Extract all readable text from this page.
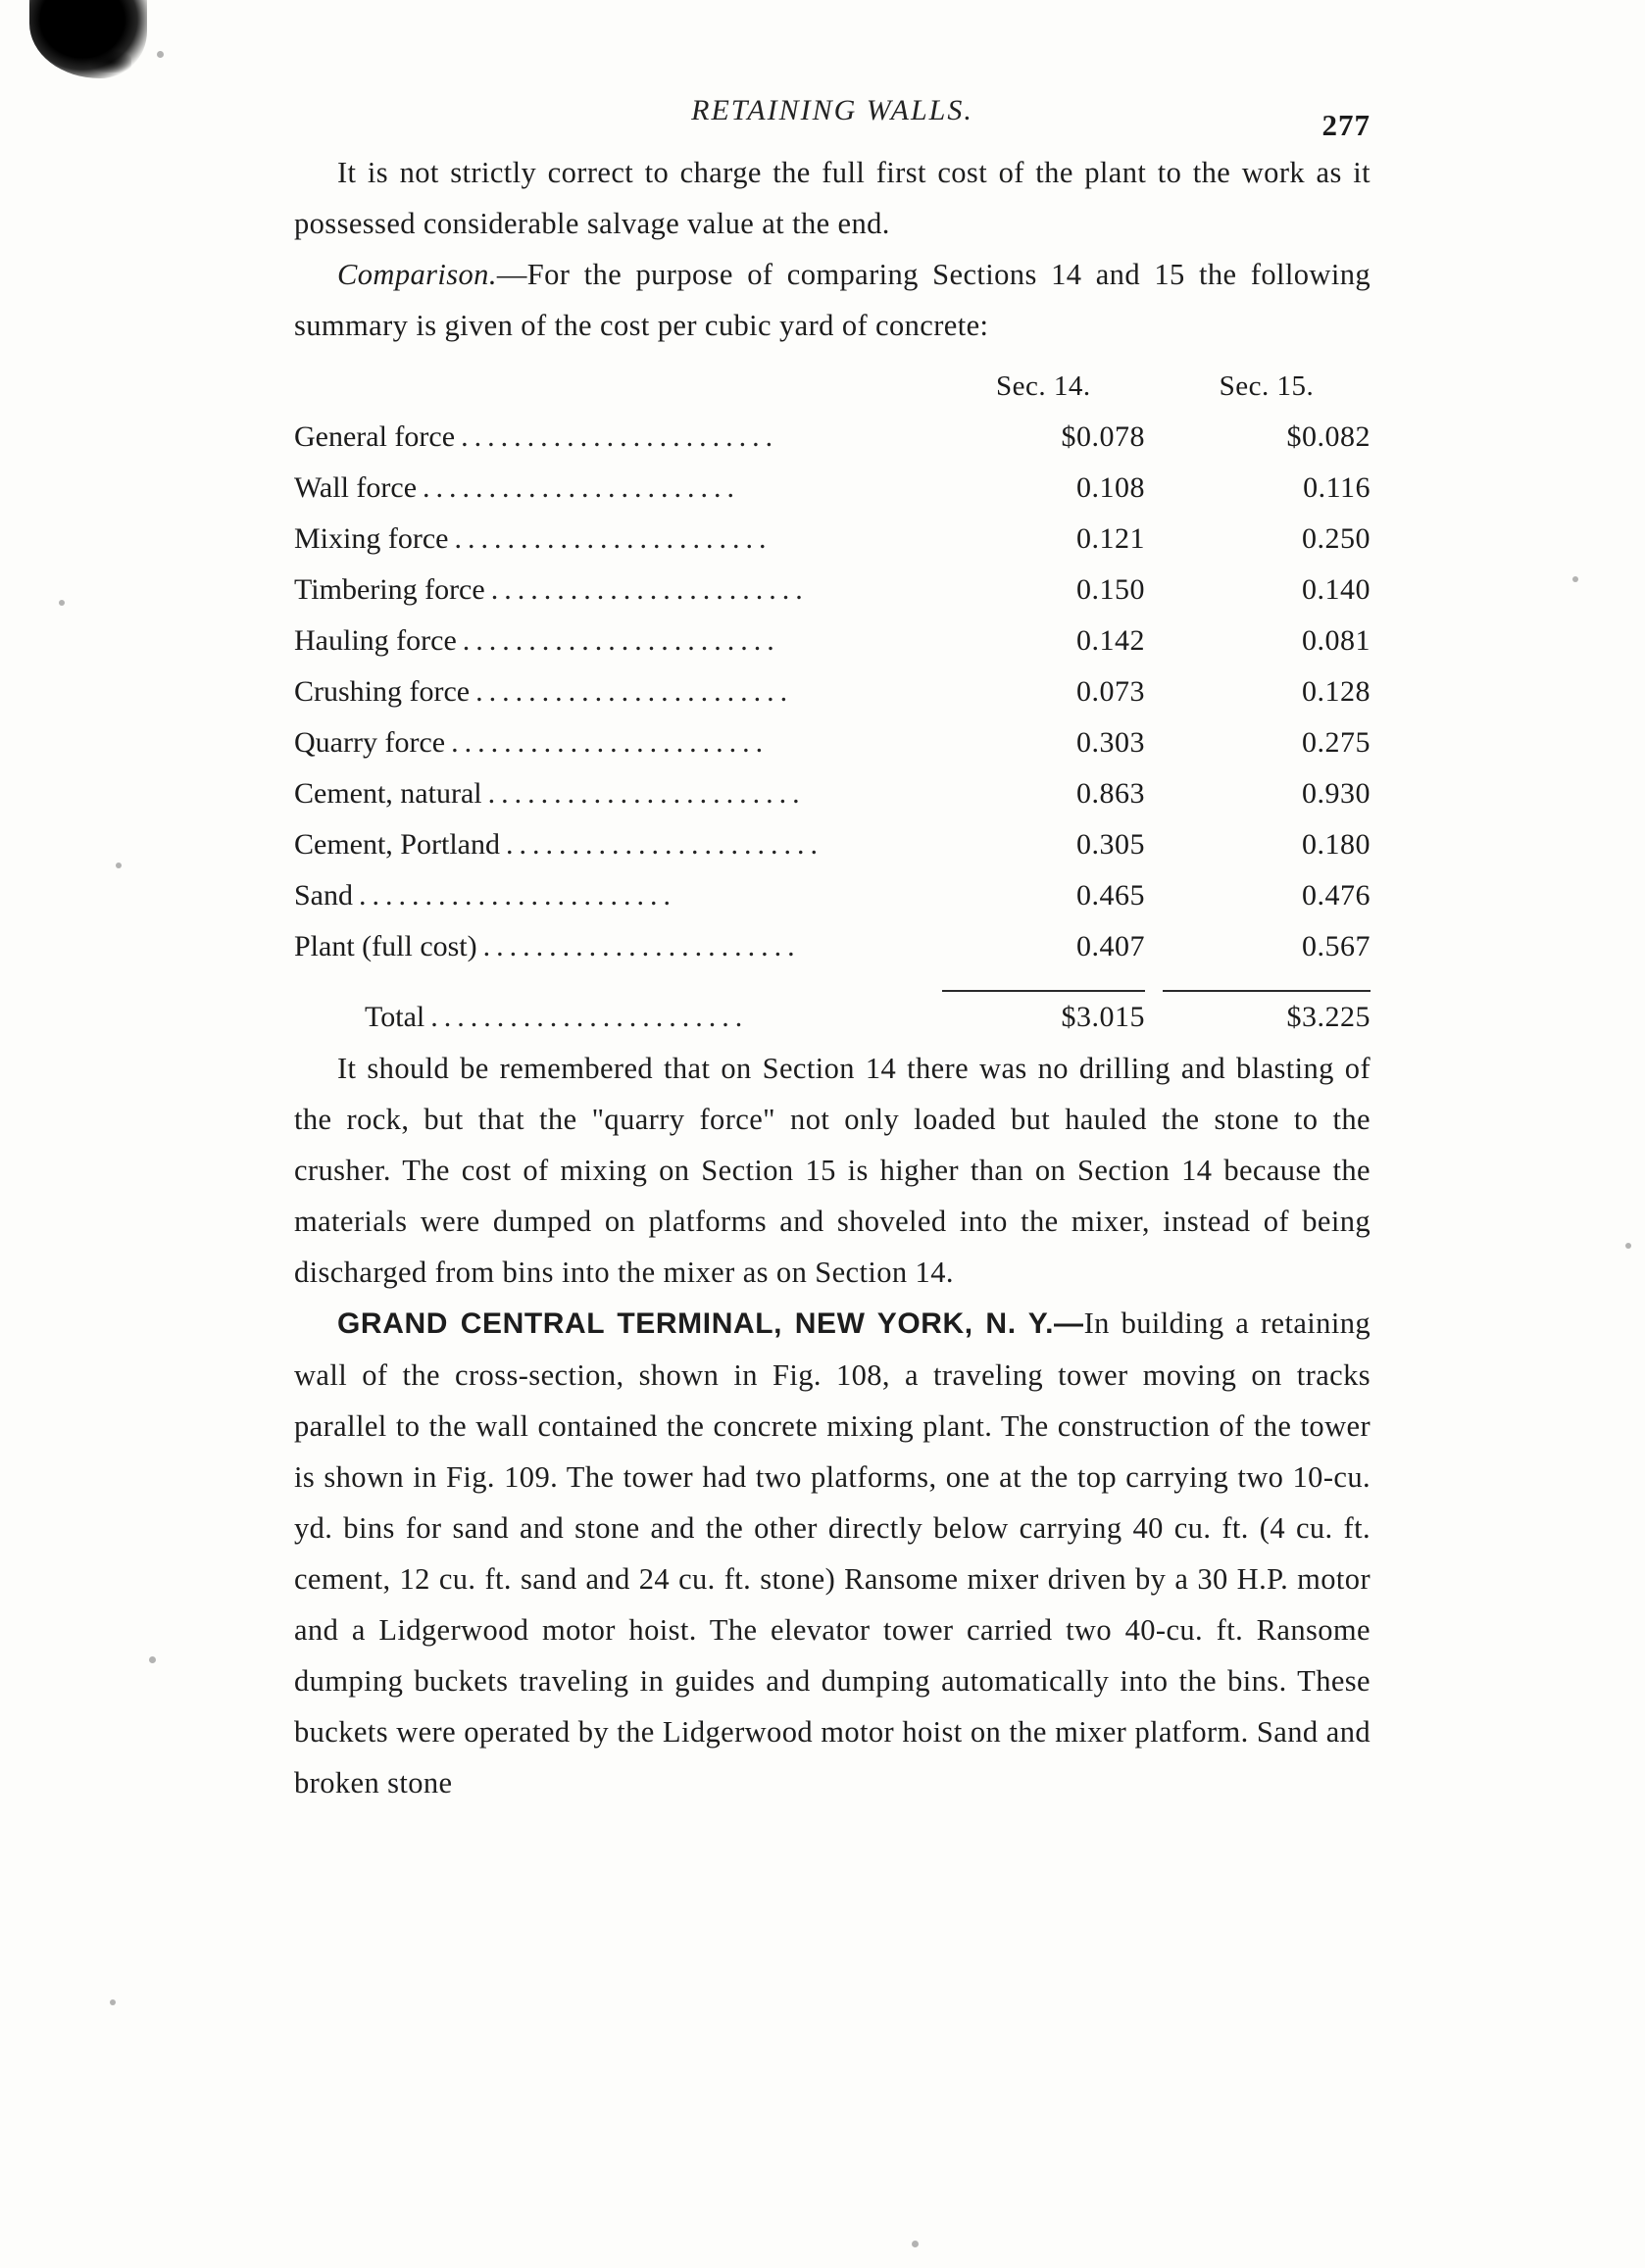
RETAINING WALLS.	277

It is not strictly correct to charge the full first cost of the plant to the work as it possessed considerable salvage value at the end.

Comparison.—For the purpose of comparing Sections 14 and 15 the following summary is given of the cost per cubic yard of concrete:

	Sec. 14.	Sec. 15.
General force ........................	$0.078	$0.082
Wall force ........................	0.108	0.116
Mixing force ........................	0.121	0.250
Timbering force ........................	0.150	0.140
Hauling force ........................	0.142	0.081
Crushing force ........................	0.073	0.128
Quarry force ........................	0.303	0.275
Cement, natural ........................	0.863	0.930
Cement, Portland ........................	0.305	0.180
Sand ........................	0.465	0.476
Plant (full cost) ........................	0.407	0.567

Total ........................	$3.015	$3.225

It should be remembered that on Section 14 there was no drilling and blasting of the rock, but that the "quarry force" not only loaded but hauled the stone to the crusher. The cost of mixing on Section 15 is higher than on Section 14 because the materials were dumped on platforms and shoveled into the mixer, instead of being discharged from bins into the mixer as on Section 14.

GRAND CENTRAL TERMINAL, NEW YORK, N. Y.—In building a retaining wall of the cross-section, shown in Fig. 108, a traveling tower moving on tracks parallel to the wall contained the concrete mixing plant. The construction of the tower is shown in Fig. 109. The tower had two platforms, one at the top carrying two 10-cu. yd. bins for sand and stone and the other directly below carrying 40 cu. ft. (4 cu. ft. cement, 12 cu. ft. sand and 24 cu. ft. stone) Ransome mixer driven by a 30 H.P. motor and a Lidgerwood motor hoist. The elevator tower carried two 40-cu. ft. Ransome dumping buckets traveling in guides and dumping automatically into the bins. These buckets were operated by the Lidgerwood motor hoist on the mixer platform. Sand and broken stone
